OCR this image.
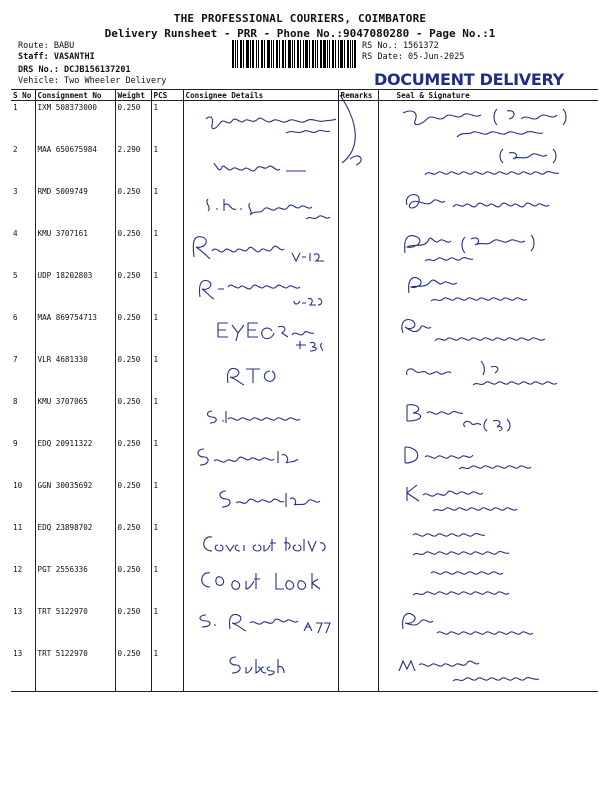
THE PROFESSIONAL COURIERS, COIMBATORE
Delivery Runsheet - PRR - Phone No.:9047080280 - Page No.:1
Route: BABU
Staff: VASANTHI
DRS No.: DCJB156137201
Vehicle: Two Wheeler Delivery
RS No.: 1561372
RS Date: 05-Jun-2025
DOCUMENT DELIVERY
S No	Consignment No	Weight	PCS	Consignee Details	Remarks	Seal & Signature
1	IXM 508373000	0.250	1	

2	MAA 650675984	2.290	1	

3	RMD 5009749	0.250	1	

4	KMU 3707161	0.250	1	

5	UDP 18202803	0.250	1	

6	MAA 869754713	0.250	1	

7	VLR 4681330	0.250	1	

8	KMU 3707065	0.250	1	

9	EDQ 20911322	0.250	1	

10	GGN 30035692	0.250	1	

11	EDQ 23898702	0.250	1	

12	PGT 2556336	0.250	1	

13	TRT 5122970	0.250	1	

13	TRT 5122970	0.250	1	
